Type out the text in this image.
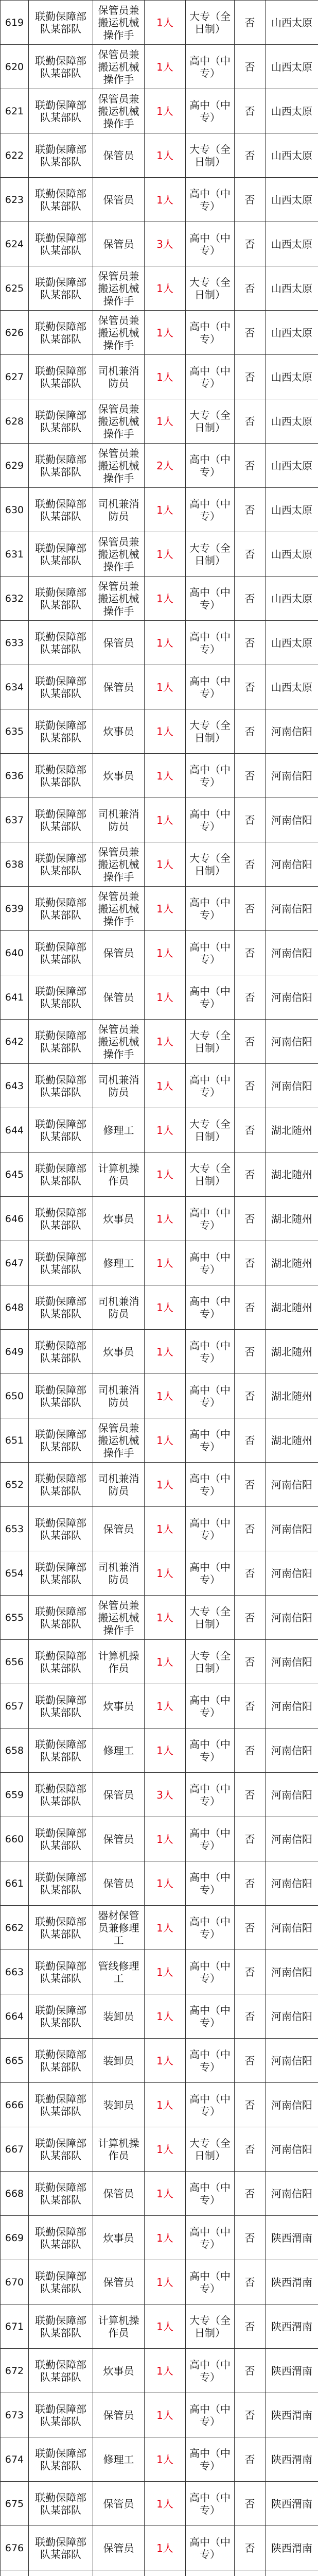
619	联勤保障部队某部队	保管员兼搬运机械操作手	1人	大专（全日制）	否	山西太原
620	联勤保障部队某部队	保管员兼搬运机械操作手	1人	高中（中专）	否	山西太原
621	联勤保障部队某部队	保管员兼搬运机械操作手	1人	高中（中专）	否	山西太原
622	联勤保障部队某部队	保管员	1人	大专（全日制）	否	山西太原
623	联勤保障部队某部队	保管员	1人	高中（中专）	否	山西太原
624	联勤保障部队某部队	保管员	3人	高中（中专）	否	山西太原
625	联勤保障部队某部队	保管员兼搬运机械操作手	1人	大专（全日制）	否	山西太原
626	联勤保障部队某部队	保管员兼搬运机械操作手	1人	高中（中专）	否	山西太原
627	联勤保障部队某部队	司机兼消防员	1人	高中（中专）	否	山西太原
628	联勤保障部队某部队	保管员兼搬运机械操作手	1人	大专（全日制）	否	山西太原
629	联勤保障部队某部队	保管员兼搬运机械操作手	2人	高中（中专）	否	山西太原
630	联勤保障部队某部队	司机兼消防员	1人	高中（中专）	否	山西太原
631	联勤保障部队某部队	保管员兼搬运机械操作手	1人	大专（全日制）	否	山西太原
632	联勤保障部队某部队	保管员兼搬运机械操作手	1人	高中（中专）	否	山西太原
633	联勤保障部队某部队	保管员	1人	高中（中专）	否	山西太原
634	联勤保障部队某部队	保管员	1人	高中（中专）	否	山西太原
635	联勤保障部队某部队	炊事员	1人	大专（全日制）	否	河南信阳
636	联勤保障部队某部队	炊事员	1人	高中（中专）	否	河南信阳
637	联勤保障部队某部队	司机兼消防员	1人	高中（中专）	否	河南信阳
638	联勤保障部队某部队	保管员兼搬运机械操作手	1人	大专（全日制）	否	河南信阳
639	联勤保障部队某部队	保管员兼搬运机械操作手	1人	高中（中专）	否	河南信阳
640	联勤保障部队某部队	保管员	1人	高中（中专）	否	河南信阳
641	联勤保障部队某部队	保管员	1人	高中（中专）	否	河南信阳
642	联勤保障部队某部队	保管员兼搬运机械操作手	1人	大专（全日制）	否	河南信阳
643	联勤保障部队某部队	司机兼消防员	1人	高中（中专）	否	河南信阳
644	联勤保障部队某部队	修理工	1人	大专（全日制）	否	湖北随州
645	联勤保障部队某部队	计算机操作员	1人	大专（全日制）	否	湖北随州
646	联勤保障部队某部队	炊事员	1人	高中（中专）	否	湖北随州
647	联勤保障部队某部队	修理工	1人	高中（中专）	否	湖北随州
648	联勤保障部队某部队	司机兼消防员	1人	高中（中专）	否	湖北随州
649	联勤保障部队某部队	炊事员	1人	高中（中专）	否	湖北随州
650	联勤保障部队某部队	司机兼消防员	1人	高中（中专）	否	湖北随州
651	联勤保障部队某部队	保管员兼搬运机械操作手	1人	高中（中专）	否	湖北随州
652	联勤保障部队某部队	司机兼消防员	1人	高中（中专）	否	河南信阳
653	联勤保障部队某部队	保管员	1人	高中（中专）	否	河南信阳
654	联勤保障部队某部队	司机兼消防员	1人	高中（中专）	否	河南信阳
655	联勤保障部队某部队	保管员兼搬运机械操作手	1人	大专（全日制）	否	河南信阳
656	联勤保障部队某部队	计算机操作员	1人	大专（全日制）	否	河南信阳
657	联勤保障部队某部队	炊事员	1人	高中（中专）	否	河南信阳
658	联勤保障部队某部队	修理工	1人	高中（中专）	否	河南信阳
659	联勤保障部队某部队	保管员	3人	高中（中专）	否	河南信阳
660	联勤保障部队某部队	保管员	1人	高中（中专）	否	河南信阳
661	联勤保障部队某部队	保管员	1人	高中（中专）	否	河南信阳
662	联勤保障部队某部队	器材保管员兼修理工	1人	高中（中专）	否	河南信阳
663	联勤保障部队某部队	管线修理工	1人	高中（中专）	否	河南信阳
664	联勤保障部队某部队	装卸员	1人	高中（中专）	否	河南信阳
665	联勤保障部队某部队	装卸员	1人	高中（中专）	否	河南信阳
666	联勤保障部队某部队	装卸员	1人	高中（中专）	否	河南信阳
667	联勤保障部队某部队	计算机操作员	1人	大专（全日制）	否	河南信阳
668	联勤保障部队某部队	保管员	1人	高中（中专）	否	河南信阳
669	联勤保障部队某部队	炊事员	1人	高中（中专）	否	陕西渭南
670	联勤保障部队某部队	保管员	1人	高中（中专）	否	陕西渭南
671	联勤保障部队某部队	计算机操作员	1人	大专（全日制）	否	陕西渭南
672	联勤保障部队某部队	炊事员	1人	高中（中专）	否	陕西渭南
673	联勤保障部队某部队	保管员	1人	高中（中专）	否	陕西渭南
674	联勤保障部队某部队	修理工	1人	高中（中专）	否	陕西渭南
675	联勤保障部队某部队	保管员	1人	高中（中专）	否	陕西渭南
676	联勤保障部队某部队	保管员	1人	高中（中专）	否	陕西渭南
